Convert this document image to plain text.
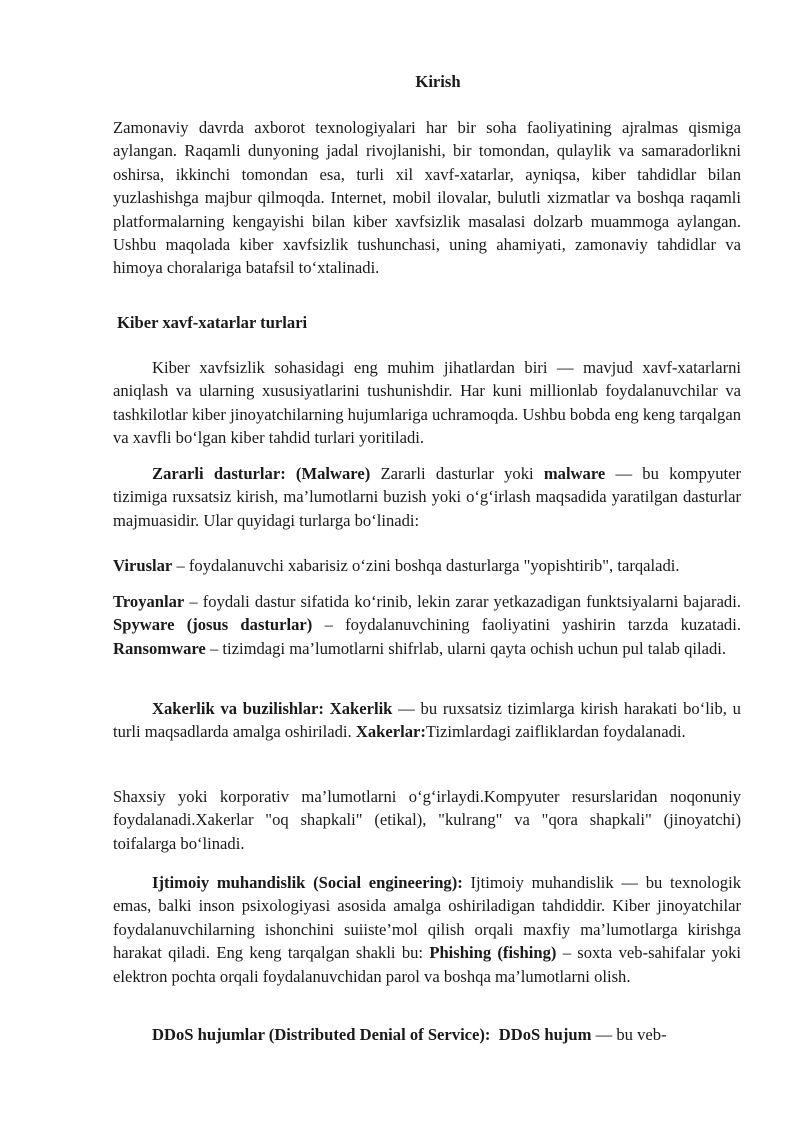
Kirish

Zamonaviy davrda axborot texnologiyalari har bir soha faoliyatining ajralmas qismiga aylangan. Raqamli dunyoning jadal rivojlanishi, bir tomondan, qulaylik va samaradorlikni oshirsa, ikkinchi tomondan esa, turli xil xavf-xatarlar, ayniqsa, kiber tahdidlar bilan yuzlashishga majbur qilmoqda. Internet, mobil ilovalar, bulutli xizmatlar va boshqa raqamli platformalarning kengayishi bilan kiber xavfsizlik masalasi dolzarb muammoga aylangan. Ushbu maqolada kiber xavfsizlik tushunchasi, uning ahamiyati, zamonaviy tahdidlar va himoya choralariga batafsil to‘xtalinadi.

Kiber xavf-xatarlar turlari

Kiber xavfsizlik sohasidagi eng muhim jihatlardan biri — mavjud xavf-xatarlarni aniqlash va ularning xususiyatlarini tushunishdir. Har kuni millionlab foydalanuvchilar va tashkilotlar kiber jinoyatchilarning hujumlariga uchramoqda. Ushbu bobda eng keng tarqalgan va xavfli bo‘lgan kiber tahdid turlari yoritiladi.

Zararli dasturlar: (Malware) Zararli dasturlar yoki malware — bu kompyuter tizimiga ruxsatsiz kirish, ma’lumotlarni buzish yoki o‘g‘irlash maqsadida yaratilgan dasturlar majmuasidir. Ular quyidagi turlarga bo‘linadi:

Viruslar – foydalanuvchi xabarisiz o‘zini boshqa dasturlarga "yopishtirib", tarqaladi.

Troyanlar – foydali dastur sifatida ko‘rinib, lekin zarar yetkazadigan funktsiyalarni bajaradi. Spyware (josus dasturlar) – foydalanuvchining faoliyatini yashirin tarzda kuzatadi. Ransomware – tizimdagi ma’lumotlarni shifrlab, ularni qayta ochish uchun pul talab qiladi.

Xakerlik va buzilishlar: Xakerlik — bu ruxsatsiz tizimlarga kirish harakati bo‘lib, u turli maqsadlarda amalga oshiriladi. Xakerlar:Tizimlardagi zaifliklardan foydalanadi.

Shaxsiy yoki korporativ ma’lumotlarni o‘g‘irlaydi.Kompyuter resurslaridan noqonuniy foydalanadi.Xakerlar "oq shapkali" (etikal), "kulrang" va "qora shapkali" (jinoyatchi) toifalarga bo‘linadi.

Ijtimoiy muhandislik (Social engineering): Ijtimoiy muhandislik — bu texnologik emas, balki inson psixologiyasi asosida amalga oshiriladigan tahdiddir. Kiber jinoyatchilar foydalanuvchilarning ishonchini suiiste’mol qilish orqali maxfiy ma’lumotlarga kirishga harakat qiladi. Eng keng tarqalgan shakli bu: Phishing (fishing) – soxta veb-sahifalar yoki elektron pochta orqali foydalanuvchidan parol va boshqa ma’lumotlarni olish.

DDoS hujumlar (Distributed Denial of Service): DDoS hujum — bu veb-
